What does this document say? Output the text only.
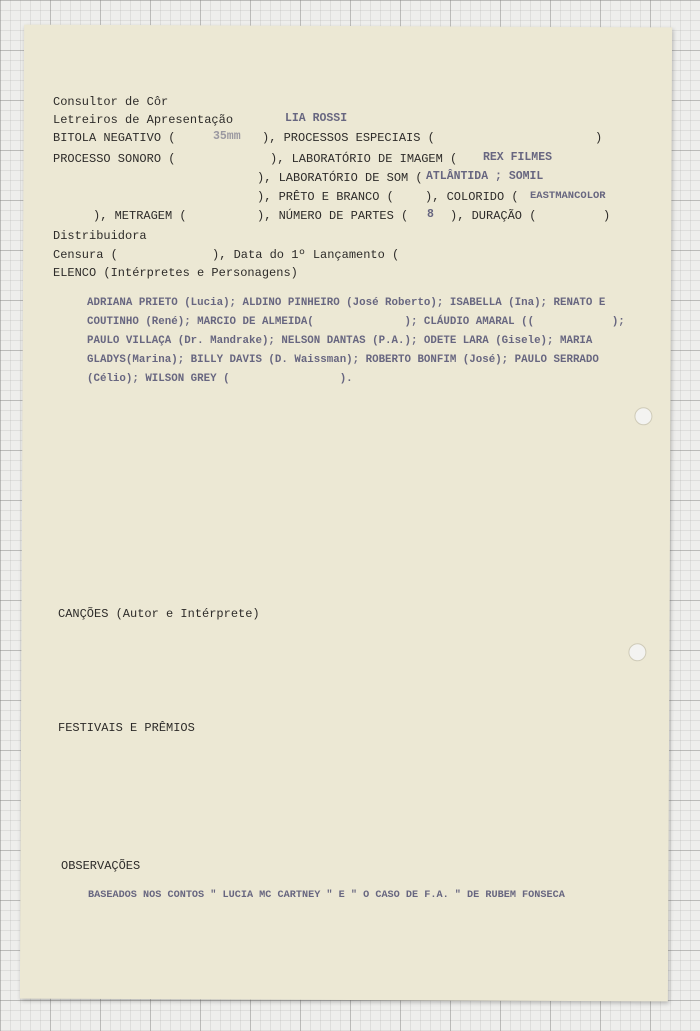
Consultor de Côr
Letreiros de Apresentação	LIA ROSSI
BITOLA NEGATIVO (	35mm ), PROCESSOS ESPECIAIS (	)
PROCESSO SONORO (	), LABORATÓRIO DE IMAGEM ( REX FILMES
), LABORATÓRIO DE SOM ( ATLÂNTIDA ; SOMIL
), PRÊTO E BRANCO (	), COLORIDO ( EASTMANCOLOR
), METRAGEM (	), NÚMERO DE PARTES ( 8 ), DURAÇÃO (	)
Distribuidora
Censura (	), Data do 1º Lançamento (
ELENCO (Intérpretes e Personagens)
ADRIANA PRIETO (Lucia); ALDINO PINHEIRO (José Roberto); ISABELLA (Ina); RENATO E
COUTINHO (René); MARCIO DE ALMEIDA(              ); CLÁUDIO AMARAL ((            );
PAULO VILLAÇA (Dr. Mandrake); NELSON DANTAS (P.A.); ODETE LARA (Gisele); MARIA
GLADYS(Marina); BILLY DAVIS (D. Waissman); ROBERTO BONFIM (José); PAULO SERRADO
(Célio); WILSON GREY (                 ).
CANÇÕES (Autor e Intérprete)
FESTIVAIS E PRÊMIOS
OBSERVAÇÕES
BASEADOS NOS CONTOS " LUCIA MC CARTNEY " E " O CASO DE F.A. " DE RUBEM FONSECA
